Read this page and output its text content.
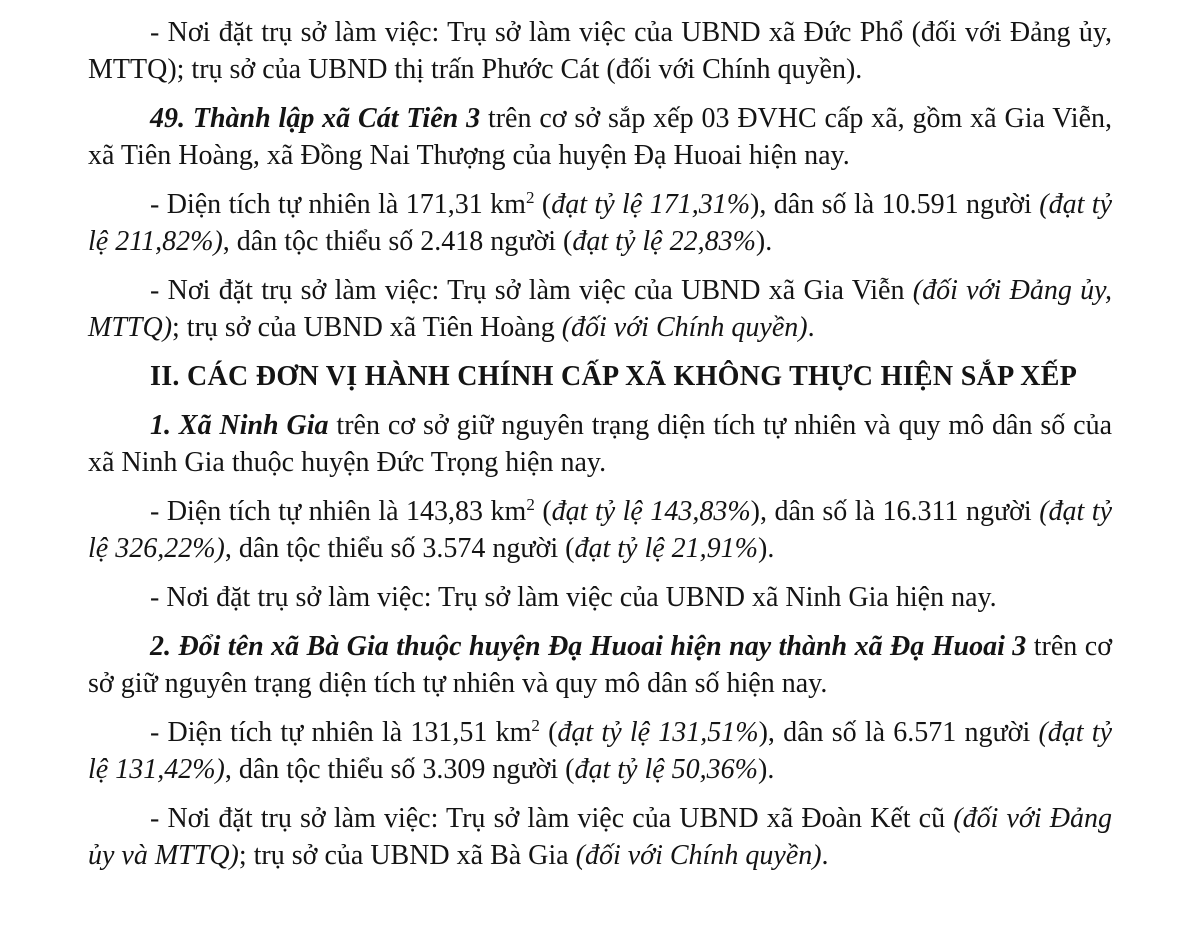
- Nơi đặt trụ sở làm việc: Trụ sở làm việc của UBND xã Đức Phổ (đối với Đảng ủy, MTTQ); trụ sở của UBND thị trấn Phước Cát (đối với Chính quyền).

49. Thành lập xã Cát Tiên 3 trên cơ sở sắp xếp 03 ĐVHC cấp xã, gồm xã Gia Viễn, xã Tiên Hoàng, xã Đồng Nai Thượng của huyện Đạ Huoai hiện nay.

- Diện tích tự nhiên là 171,31 $km^2$ (đạt tỷ lệ 171,31%), dân số là 10.591 người (đạt tỷ lệ 211,82%), dân tộc thiểu số 2.418 người (đạt tỷ lệ 22,83%).

- Nơi đặt trụ sở làm việc: Trụ sở làm việc của UBND xã Gia Viễn (đối với Đảng ủy, MTTQ); trụ sở của UBND xã Tiên Hoàng (đối với Chính quyền).

II. CÁC ĐƠN VỊ HÀNH CHÍNH CẤP XÃ KHÔNG THỰC HIỆN SẮP XẾP

1. Xã Ninh Gia trên cơ sở giữ nguyên trạng diện tích tự nhiên và quy mô dân số của xã Ninh Gia thuộc huyện Đức Trọng hiện nay.

- Diện tích tự nhiên là 143,83 $km^2$ (đạt tỷ lệ 143,83%), dân số là 16.311 người (đạt tỷ lệ 326,22%), dân tộc thiểu số 3.574 người (đạt tỷ lệ 21,91%).

- Nơi đặt trụ sở làm việc: Trụ sở làm việc của UBND xã Ninh Gia hiện nay.

2. Đổi tên xã Bà Gia thuộc huyện Đạ Huoai hiện nay thành xã Đạ Huoai 3 trên cơ sở giữ nguyên trạng diện tích tự nhiên và quy mô dân số hiện nay.

- Diện tích tự nhiên là 131,51 $km^2$ (đạt tỷ lệ 131,51%), dân số là 6.571 người (đạt tỷ lệ 131,42%), dân tộc thiểu số 3.309 người (đạt tỷ lệ 50,36%).

- Nơi đặt trụ sở làm việc: Trụ sở làm việc của UBND xã Đoàn Kết cũ (đối với Đảng ủy và MTTQ); trụ sở của UBND xã Bà Gia (đối với Chính quyền).
